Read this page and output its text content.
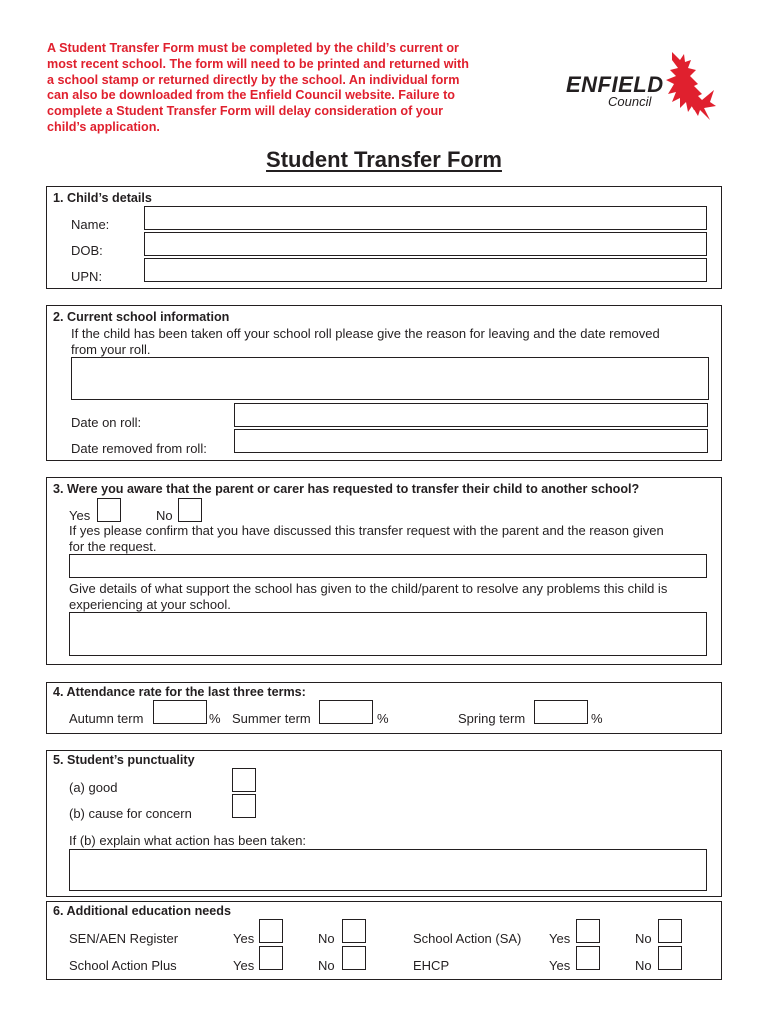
A Student Transfer Form must be completed by the child’s current or
most recent school. The form will need to be printed and returned with
a school stamp or returned directly by the school. An individual form
can also be downloaded from the Enfield Council website. Failure to
complete a Student Transfer Form will delay consideration of your
child’s application.
ENFIELD
Council
Student Transfer Form
1. Child’s details
Name:
DOB:
UPN:
2. Current school information
If the child has been taken off your school roll please give the reason for leaving and the date removed
from your roll.
Date on roll:
Date removed from roll:
3. Were you aware that the parent or carer has requested to transfer their child to another school?
Yes	No
If yes please confirm that you have discussed this transfer request with the parent and the reason given
for the request.
Give details of what support the school has given to the child/parent to resolve any problems this child is
experiencing at your school.
4. Attendance rate for the last three terms:
Autumn term	% Summer term	%	Spring term	%
5. Student’s punctuality
(a) good
(b) cause for concern
If (b) explain what action has been taken:
6. Additional education needs
SEN/AEN Register	Yes	No	School Action (SA) Yes	No
School Action Plus	Yes	No	EHCP	Yes	No
